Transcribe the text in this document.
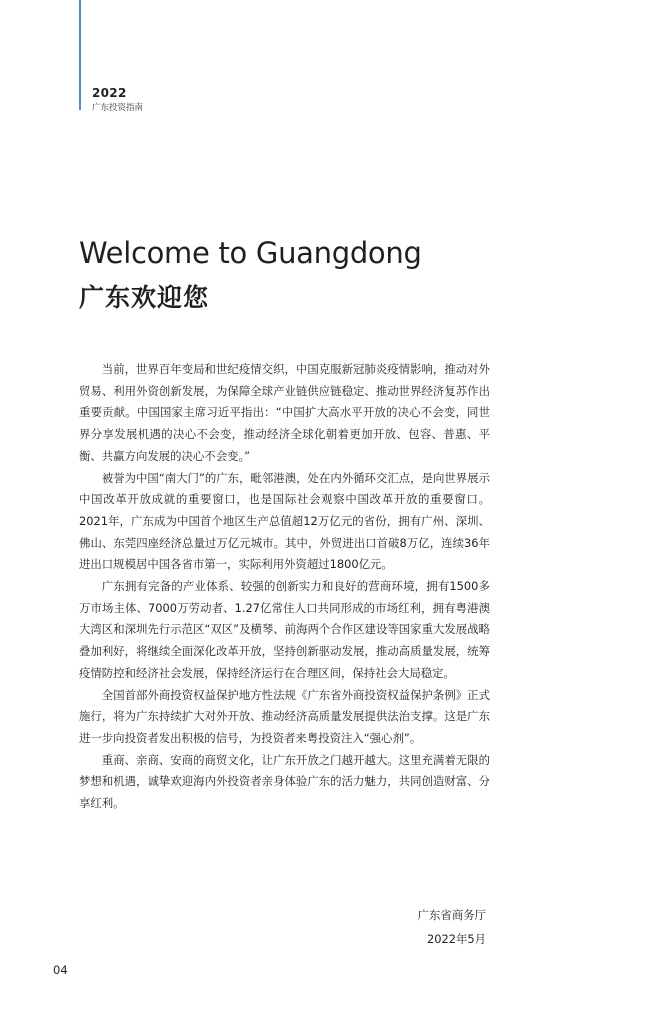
2022
广东投资指南
Welcome to Guangdong
广东欢迎您

当前，世界百年变局和世纪疫情交织，中国克服新冠肺炎疫情影响，推动对外贸易、利用外资创新发展，为保障全球产业链供应链稳定、推动世界经济复苏作出重要贡献。中国国家主席习近平指出：“中国扩大高水平开放的决心不会变，同世界分享发展机遇的决心不会变，推动经济全球化朝着更加开放、包容、普惠、平衡、共赢方向发展的决心不会变。”

被誉为中国“南大门”的广东，毗邻港澳，处在内外循环交汇点，是向世界展示中国改革开放成就的重要窗口，也是国际社会观察中国改革开放的重要窗口。2021年，广东成为中国首个地区生产总值超12万亿元的省份，拥有广州、深圳、佛山、东莞四座经济总量过万亿元城市。其中，外贸进出口首破8万亿，连续36年进出口规模居中国各省市第一，实际利用外资超过1800亿元。

广东拥有完备的产业体系、较强的创新实力和良好的营商环境，拥有1500多万市场主体、7000万劳动者、1.27亿常住人口共同形成的市场红利，拥有粤港澳大湾区和深圳先行示范区“双区”及横琴、前海两个合作区建设等国家重大发展战略叠加利好，将继续全面深化改革开放，坚持创新驱动发展，推动高质量发展，统筹疫情防控和经济社会发展，保持经济运行在合理区间，保持社会大局稳定。

全国首部外商投资权益保护地方性法规《广东省外商投资权益保护条例》正式施行，将为广东持续扩大对外开放、推动经济高质量发展提供法治支撑。这是广东进一步向投资者发出积极的信号，为投资者来粤投资注入“强心剂”。

重商、亲商、安商的商贸文化，让广东开放之门越开越大。这里充满着无限的梦想和机遇，诚挚欢迎海内外投资者亲身体验广东的活力魅力，共同创造财富、分享红利。

广东省商务厅
2022年5月
04
